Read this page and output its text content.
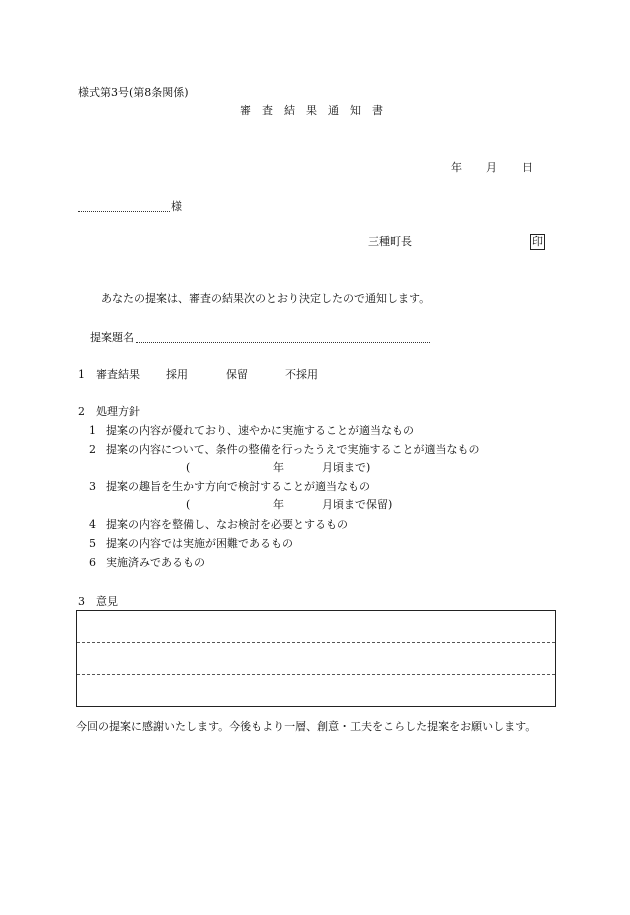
様式第3号(第8条関係)
審査結果通知書
年 月 日
様
三種町長	印
あなたの提案は、審査の結果次のとおり決定したので通知します。
提案題名
1 審査結果 採用	保留	不採用
2 処理方針
1 提案の内容が優れており、速やかに実施することが適当なもの
2 提案の内容について、条件の整備を行ったうえで実施することが適当なもの
(	年	月頃まで)
3 提案の趣旨を生かす方向で検討することが適当なもの
(	年	月頃まで保留)
4 提案の内容を整備し、なお検討を必要とするもの
5 提案の内容では実施が困難であるもの
6 実施済みであるもの
3 意見
今回の提案に感謝いたします。今後もより一層、創意・工夫をこらした提案をお願いします。
